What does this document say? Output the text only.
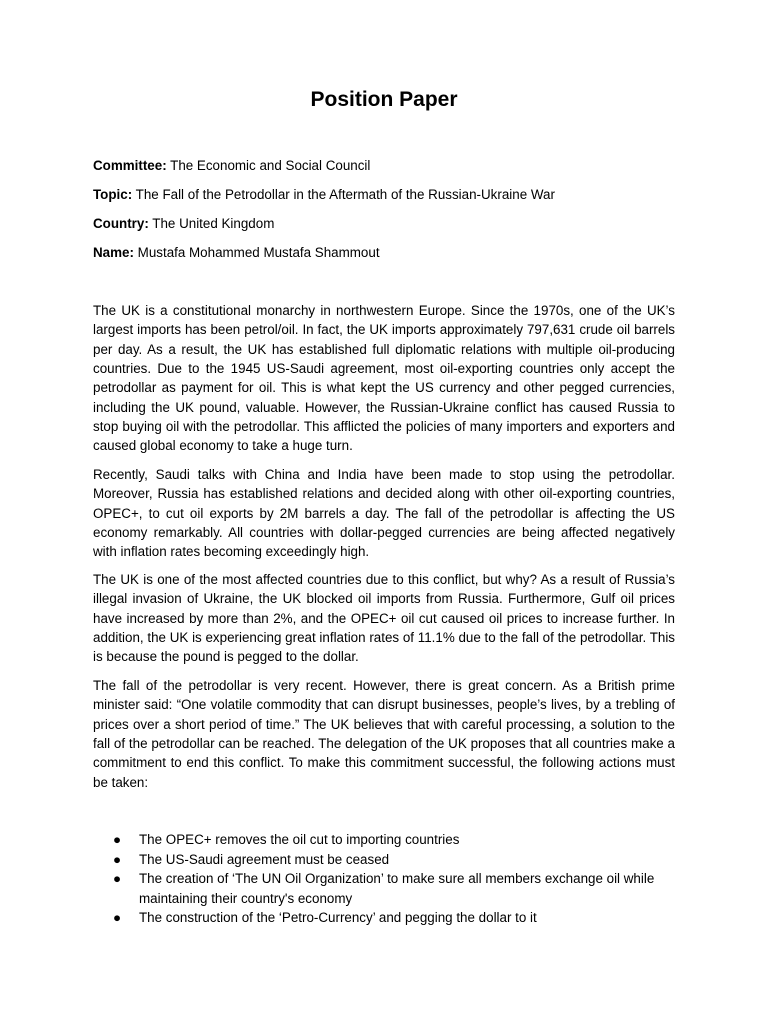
Position Paper

Committee: The Economic and Social Council

Topic: The Fall of the Petrodollar in the Aftermath of the Russian-Ukraine War

Country: The United Kingdom

Name: Mustafa Mohammed Mustafa Shammout

The UK is a constitutional monarchy in northwestern Europe. Since the 1970s, one of the UK’s largest imports has been petrol/oil. In fact, the UK imports approximately 797,631 crude oil barrels per day. As a result, the UK has established full diplomatic relations with multiple oil-producing countries. Due to the 1945 US-Saudi agreement, most oil-exporting countries only accept the petrodollar as payment for oil. This is what kept the US currency and other pegged currencies, including the UK pound, valuable. However, the Russian-Ukraine conflict has caused Russia to stop buying oil with the petrodollar. This afflicted the policies of many importers and exporters and caused global economy to take a huge turn.

Recently, Saudi talks with China and India have been made to stop using the petrodollar. Moreover, Russia has established relations and decided along with other oil-exporting countries, OPEC+, to cut oil exports by 2M barrels a day. The fall of the petrodollar is affecting the US economy remarkably. All countries with dollar-pegged currencies are being affected negatively with inflation rates becoming exceedingly high.

The UK is one of the most affected countries due to this conflict, but why? As a result of Russia’s illegal invasion of Ukraine, the UK blocked oil imports from Russia. Furthermore, Gulf oil prices have increased by more than 2%, and the OPEC+ oil cut caused oil prices to increase further. In addition, the UK is experiencing great inflation rates of 11.1% due to the fall of the petrodollar. This is because the pound is pegged to the dollar.

The fall of the petrodollar is very recent. However, there is great concern. As a British prime minister said: “One volatile commodity that can disrupt businesses, people’s lives, by a trebling of prices over a short period of time.” The UK believes that with careful processing, a solution to the fall of the petrodollar can be reached. The delegation of the UK proposes that all countries make a commitment to end this conflict. To make this commitment successful, the following actions must be taken:

● The OPEC+ removes the oil cut to importing countries
● The US-Saudi agreement must be ceased
● The creation of ‘The UN Oil Organization’ to make sure all members exchange oil while maintaining their country's economy
● The construction of the ‘Petro-Currency’ and pegging the dollar to it
